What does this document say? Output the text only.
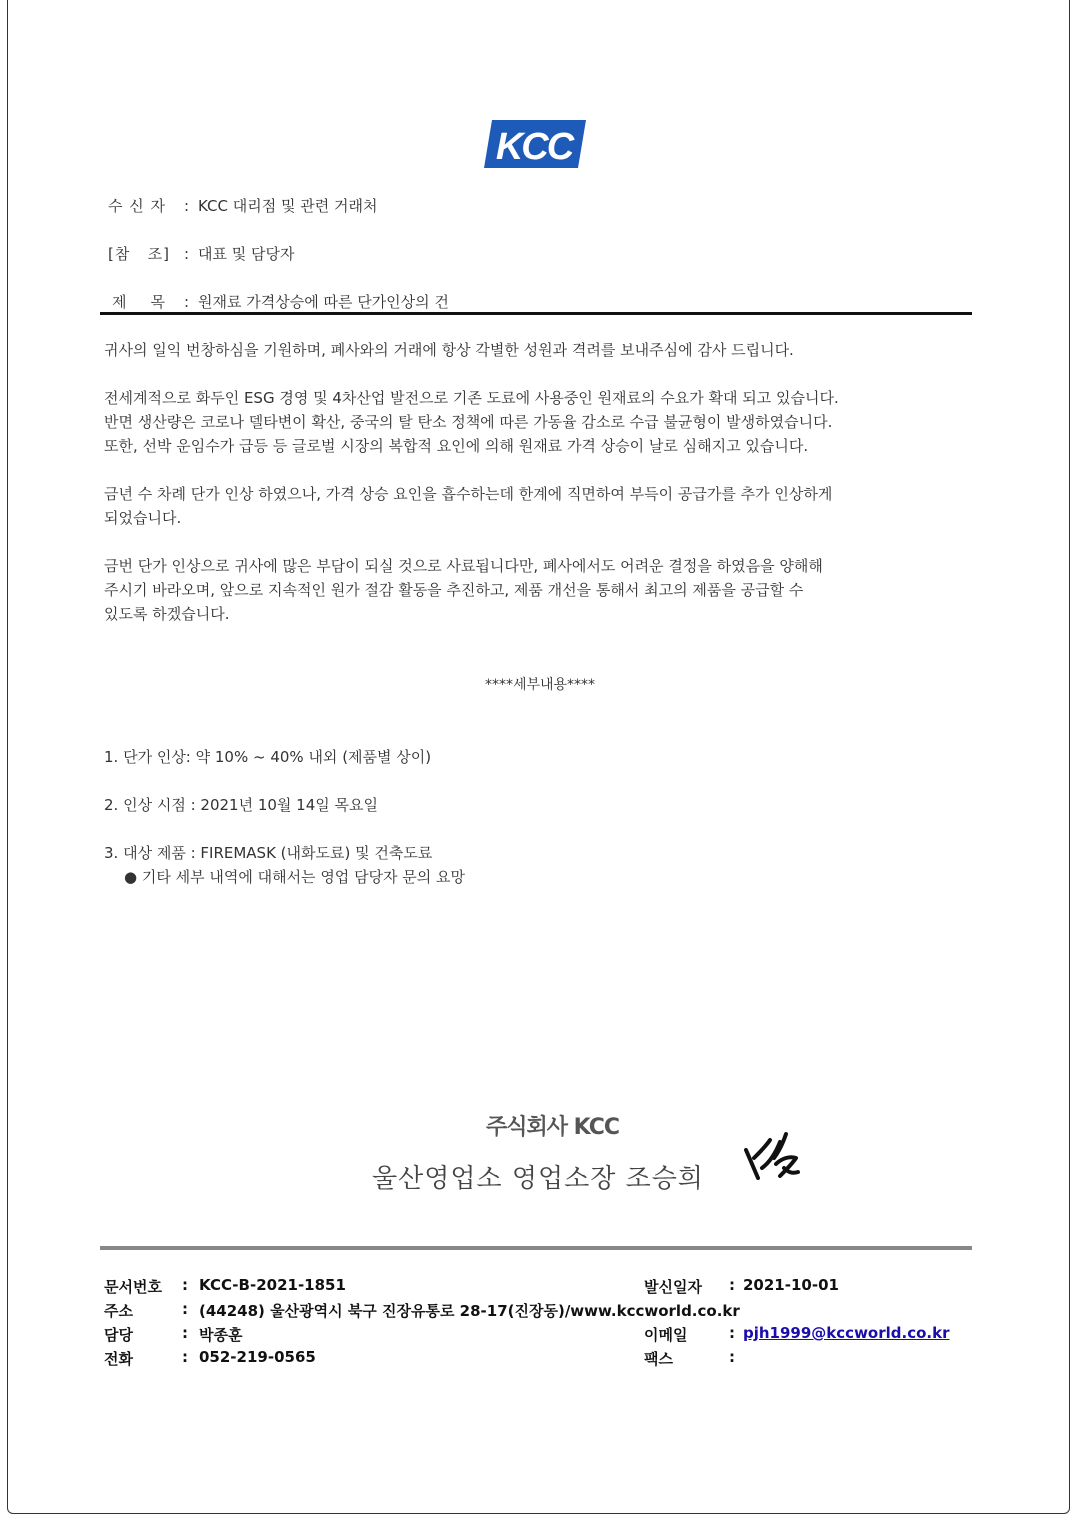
KCC
수 신 자 : KCC 대리점 및 관련 거래처
[참   조] : 대표 및 담당자
제    목 : 원재료 가격상승에 따른 단가인상의 건

귀사의 일익 번창하심을 기원하며, 폐사와의 거래에 항상 각별한 성원과 격려를 보내주심에 감사 드립니다.

전세계적으로 화두인 ESG 경영 및 4차산업 발전으로 기존 도료에 사용중인 원재료의 수요가 확대 되고 있습니다.

반면 생산량은 코로나 델타변이 확산, 중국의 탈 탄소 정책에 따른 가동율 감소로 수급 불균형이 발생하였습니다.

또한, 선박 운임수가 급등 등 글로벌 시장의 복합적 요인에 의해 원재료 가격 상승이 날로 심해지고 있습니다.

금년 수 차례 단가 인상 하였으나, 가격 상승 요인을 흡수하는데 한계에 직면하여 부득이 공급가를 추가 인상하게

되었습니다.

금번 단가 인상으로 귀사에 많은 부담이 되실 것으로 사료됩니다만, 폐사에서도 어려운 결정을 하였음을 양해해

주시기 바라오며, 앞으로 지속적인 원가 절감 활동을 추진하고, 제품 개선을 통해서 최고의 제품을 공급할 수

있도록 하겠습니다.

****세부내용****
1. 단가 인상: 약 10% ~ 40% 내외 (제품별 상이)
2. 인상 시점 : 2021년 10월 14일 목요일
3. 대상 제품 : FIREMASK (내화도료) 및 건축도료
● 기타 세부 내역에 대해서는 영업 담당자 문의 요망
주식회사 KCC
울산영업소 영업소장 조승희
문서번호 : KCC-B-2021-1851	발신일자 : 2021-10-01
주소	: (44248) 울산광역시 북구 진장유통로 28-17(진장동)/www.kccworld.co.kr
담당	: 박종훈	이메일	: pjh1999@kccworld.co.kr
전화	: 052-219-0565	팩스	:
